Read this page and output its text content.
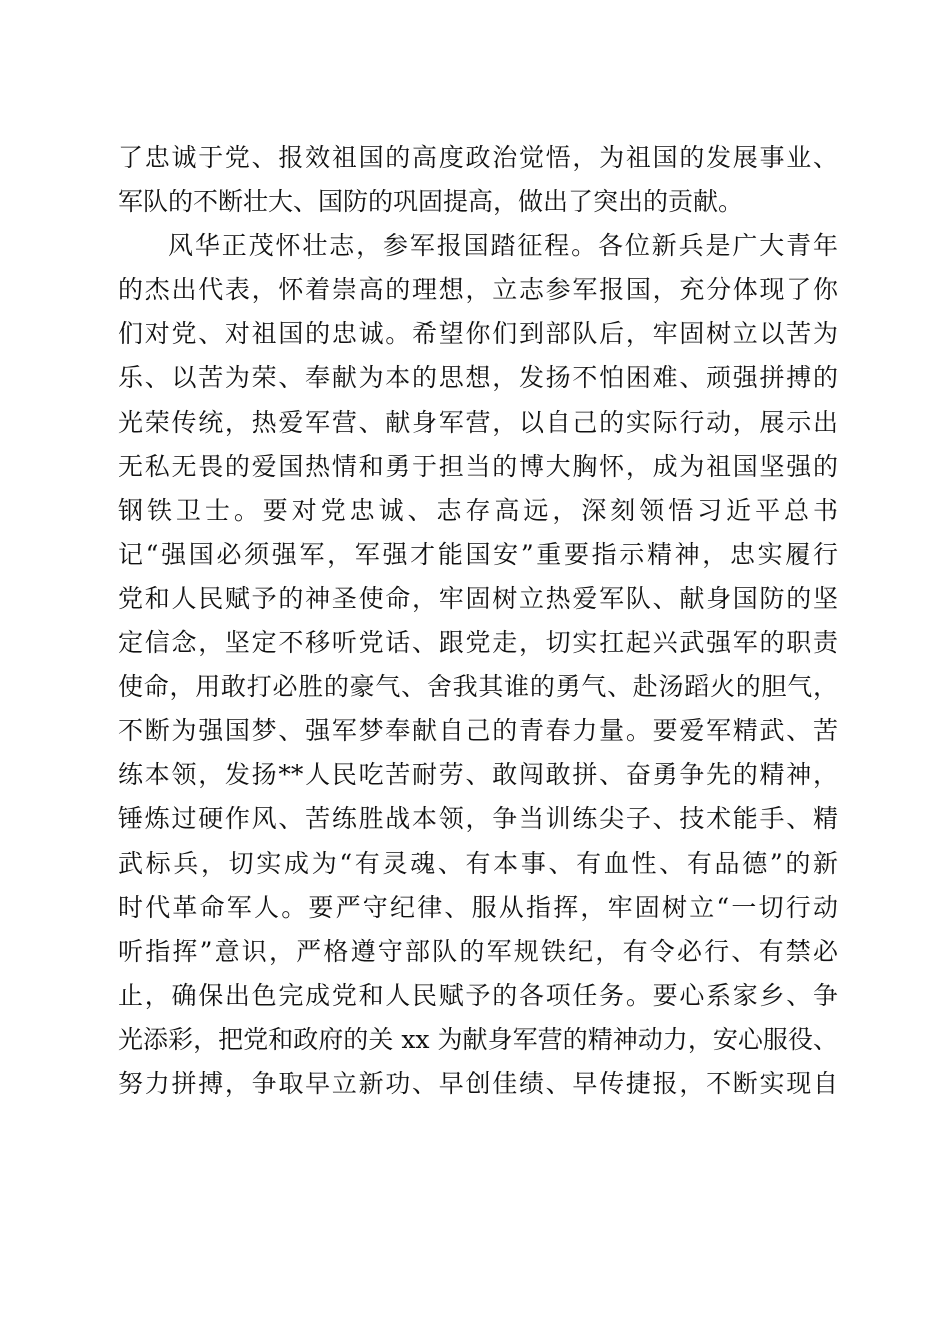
了忠诚于党、报效祖国的高度政治觉悟，为祖国的发展事业、
军队的不断壮大、国防的巩固提高，做出了突出的贡献。
风华正茂怀壮志，参军报国踏征程。各位新兵是广大青年
的杰出代表，怀着崇高的理想，立志参军报国，充分体现了你
们对党、对祖国的忠诚。希望你们到部队后，牢固树立以苦为
乐、以苦为荣、奉献为本的思想，发扬不怕困难、顽强拼搏的
光荣传统，热爱军营、献身军营，以自己的实际行动，展示出
无私无畏的爱国热情和勇于担当的博大胸怀，成为祖国坚强的
钢铁卫士。要对党忠诚、志存高远，深刻领悟习近平总书
记“强国必须强军，军强才能国安”重要指示精神，忠实履行
党和人民赋予的神圣使命，牢固树立热爱军队、献身国防的坚
定信念，坚定不移听党话、跟党走，切实扛起兴武强军的职责
使命，用敢打必胜的豪气、舍我其谁的勇气、赴汤蹈火的胆气，
不断为强国梦、强军梦奉献自己的青春力量。要爱军精武、苦
练本领，发扬**人民吃苦耐劳、敢闯敢拼、奋勇争先的精神，
锤炼过硬作风、苦练胜战本领，争当训练尖子、技术能手、精
武标兵，切实成为“有灵魂、有本事、有血性、有品德”的新
时代革命军人。要严守纪律、服从指挥，牢固树立“一切行动
听指挥”意识，严格遵守部队的军规铁纪，有令必行、有禁必
止，确保出色完成党和人民赋予的各项任务。要心系家乡、争
光添彩，把党和政府的关 xx 为献身军营的精神动力，安心服役、
努力拼搏，争取早立新功、早创佳绩、早传捷报，不断实现自
